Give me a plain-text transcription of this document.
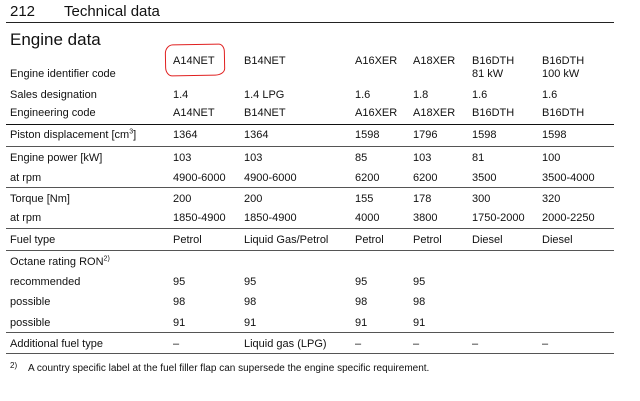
212 Technical data
Engine data
Engine identifier code
Sales designation
Engineering code
Piston displacement $[cm^3]$
Engine power [kW]
at rpm
Torque [Nm]
at rpm
Fuel type
Octane rating RON$^{2)}$
recommended
possible
possible
Additional fuel type
A14NET
1.4
A14NET
1364
103
4900-6000
200
1850-4900
Petrol
95
98
91
–
B14NET
1.4 LPG
B14NET
1364
103
4900-6000
200
1850-4900
Liquid Gas/Petrol
95
98
91
Liquid gas (LPG)
A16XER
1.6
A16XER
1598
85
6200
155
4000
Petrol
95
98
91
–
A18XER
1.8
A18XER
1796
103
6200
178
3800
Petrol
95
98
91
–
B16DTH
81 kW
1.6
B16DTH
1598
81
3500
300
1750-2000
Diesel
–
B16DTH
100 kW
1.6
B16DTH
1598
100
3500-4000
320
2000-2250
Diesel
–
2) A country specific label at the fuel filler flap can supersede the engine specific requirement.
